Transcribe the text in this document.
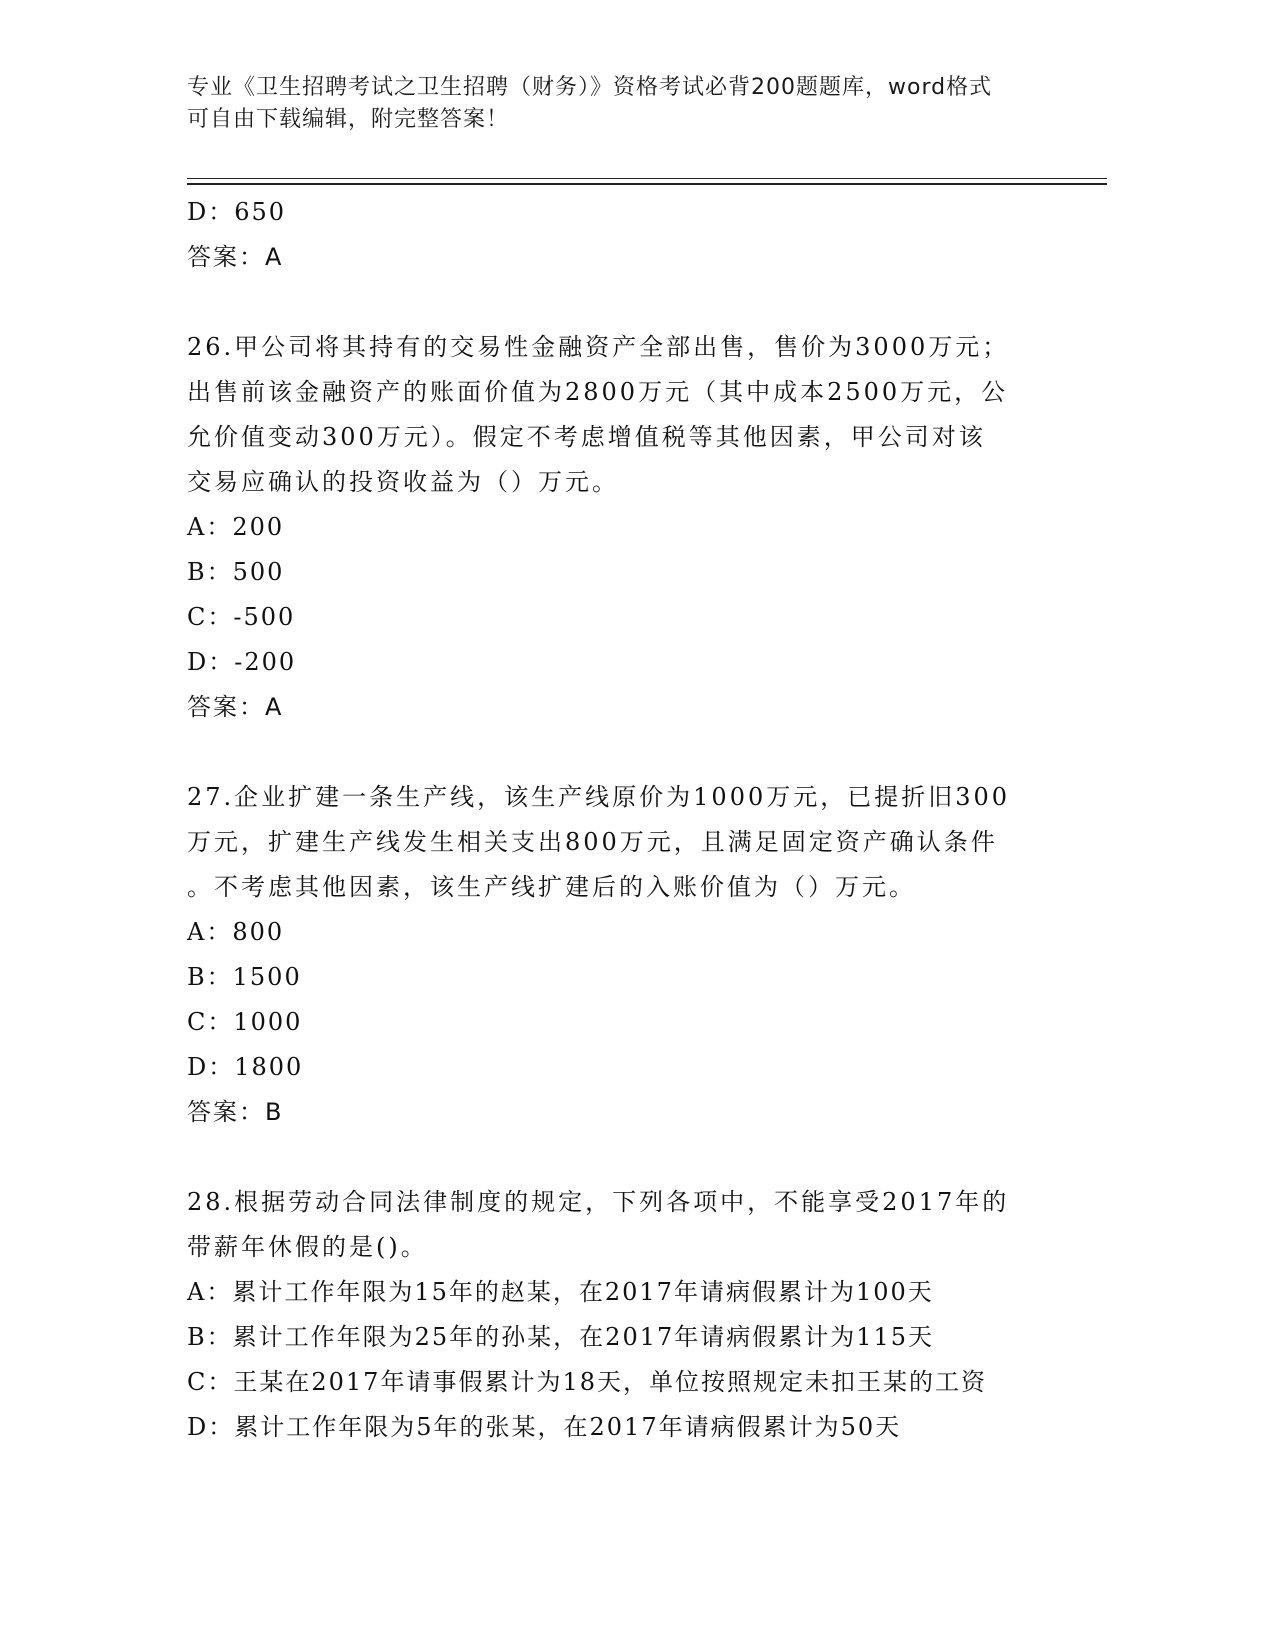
专业《卫生招聘考试之卫生招聘（财务）》资格考试必背200题题库，word格式
可自由下载编辑，附完整答案！
D：650
答案：A
26.甲公司将其持有的交易性金融资产全部出售，售价为3000万元；
出售前该金融资产的账面价值为2800万元（其中成本2500万元，公
允价值变动300万元）。假定不考虑增值税等其他因素，甲公司对该
交易应确认的投资收益为（）万元。
A：200
B：500
C：-500
D：-200
答案：A
27.企业扩建一条生产线，该生产线原价为1000万元，已提折旧300
万元，扩建生产线发生相关支出800万元，且满足固定资产确认条件
。不考虑其他因素，该生产线扩建后的入账价值为（）万元。
A：800
B：1500
C：1000
D：1800
答案：B
28.根据劳动合同法律制度的规定，下列各项中，不能享受2017年的
带薪年休假的是()。
A：累计工作年限为15年的赵某，在2017年请病假累计为100天
B：累计工作年限为25年的孙某，在2017年请病假累计为115天
C：王某在2017年请事假累计为18天，单位按照规定未扣王某的工资
D：累计工作年限为5年的张某，在2017年请病假累计为50天
